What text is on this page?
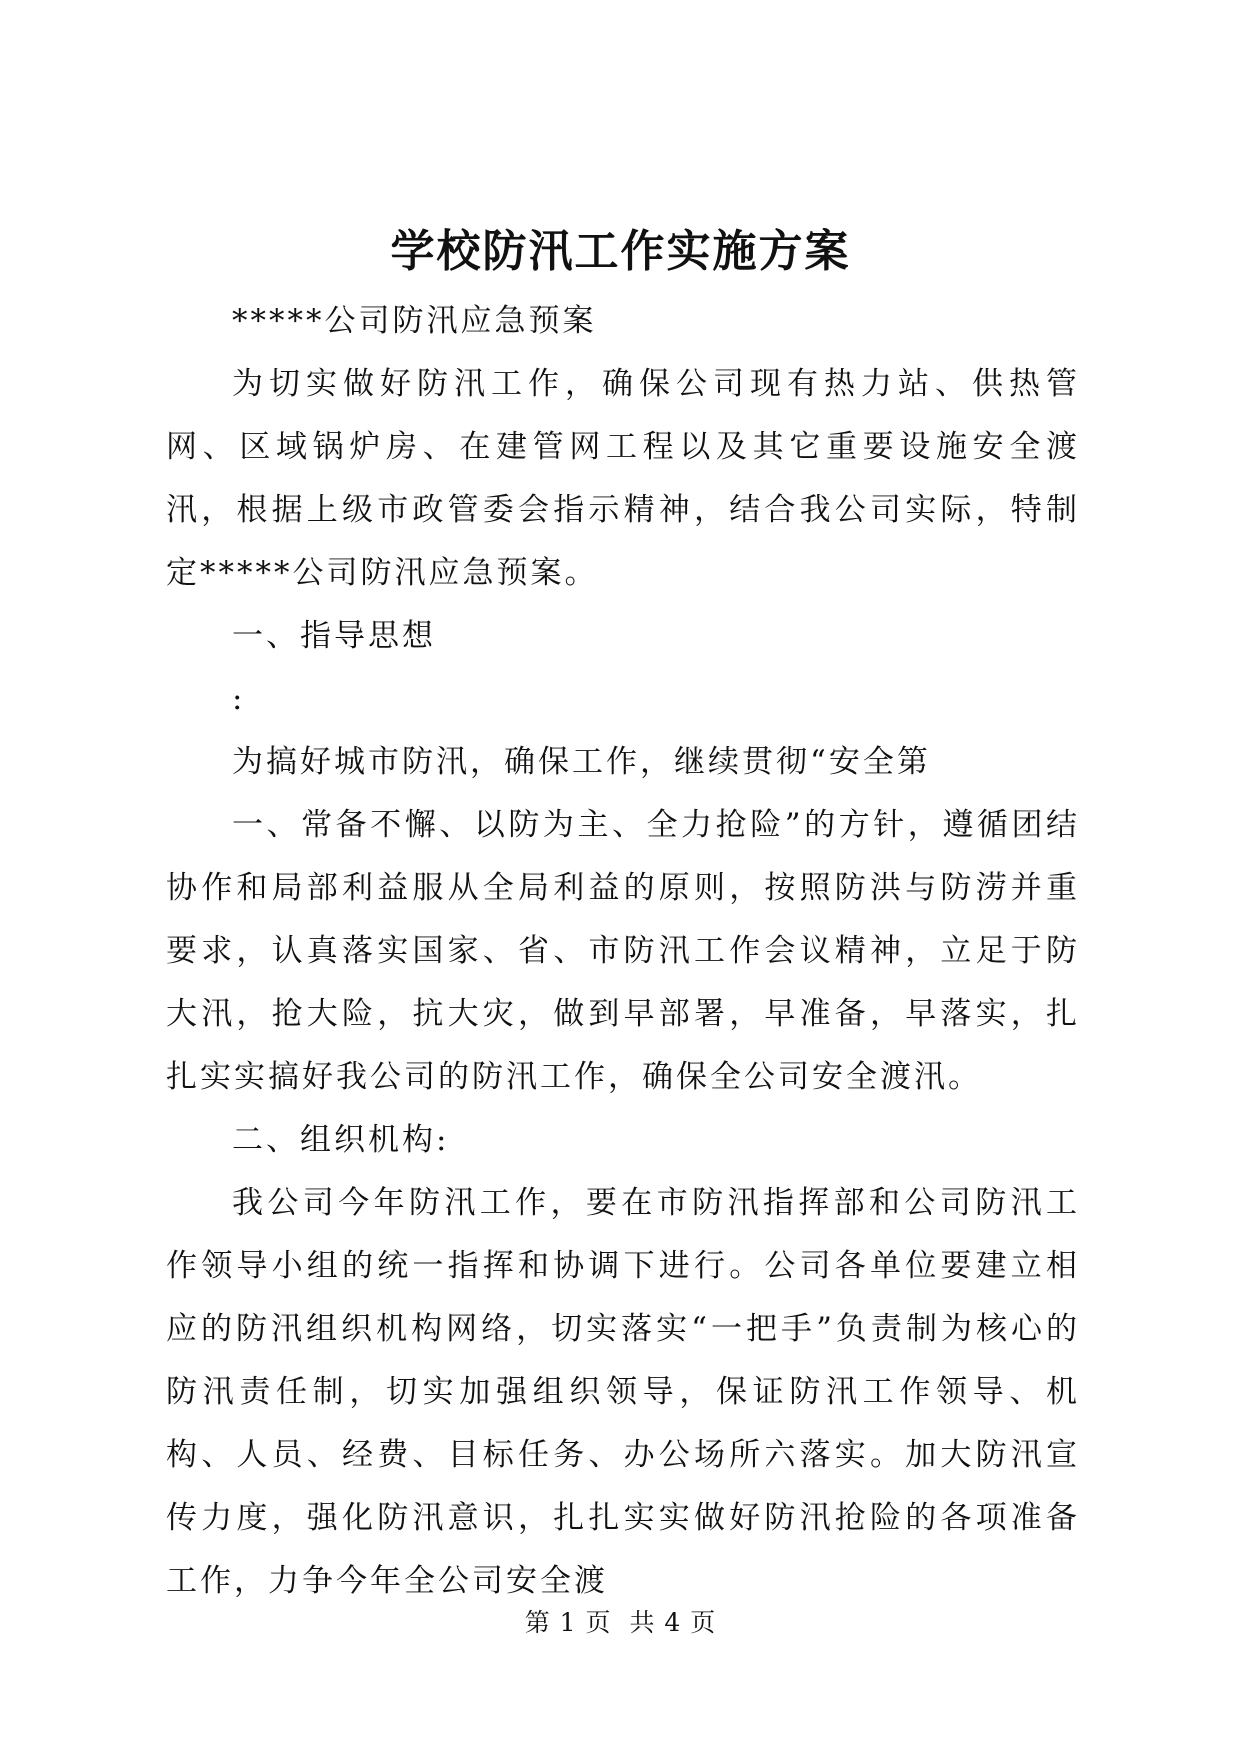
学校防汛工作实施方案

*****公司防汛应急预案

为切实做好防汛工作，确保公司现有热力站、供热管网、区域锅炉房、在建管网工程以及其它重要设施安全渡汛，根据上级市政管委会指示精神，结合我公司实际，特制定*****公司防汛应急预案。

一、指导思想

:

为搞好城市防汛，确保工作，继续贯彻“安全第

一、常备不懈、以防为主、全力抢险”的方针，遵循团结协作和局部利益服从全局利益的原则，按照防洪与防涝并重要求，认真落实国家、省、市防汛工作会议精神，立足于防大汛，抢大险，抗大灾，做到早部署，早准备，早落实，扎扎实实搞好我公司的防汛工作，确保全公司安全渡汛。

二、组织机构:

我公司今年防汛工作，要在市防汛指挥部和公司防汛工作领导小组的统一指挥和协调下进行。公司各单位要建立相应的防汛组织机构网络，切实落实“一把手”负责制为核心的防汛责任制，切实加强组织领导，保证防汛工作领导、机构、人员、经费、目标任务、办公场所六落实。加大防汛宣传力度，强化防汛意识，扎扎实实做好防汛抢险的各项准备工作，力争今年全公司安全渡

第 1 页 共 4 页
